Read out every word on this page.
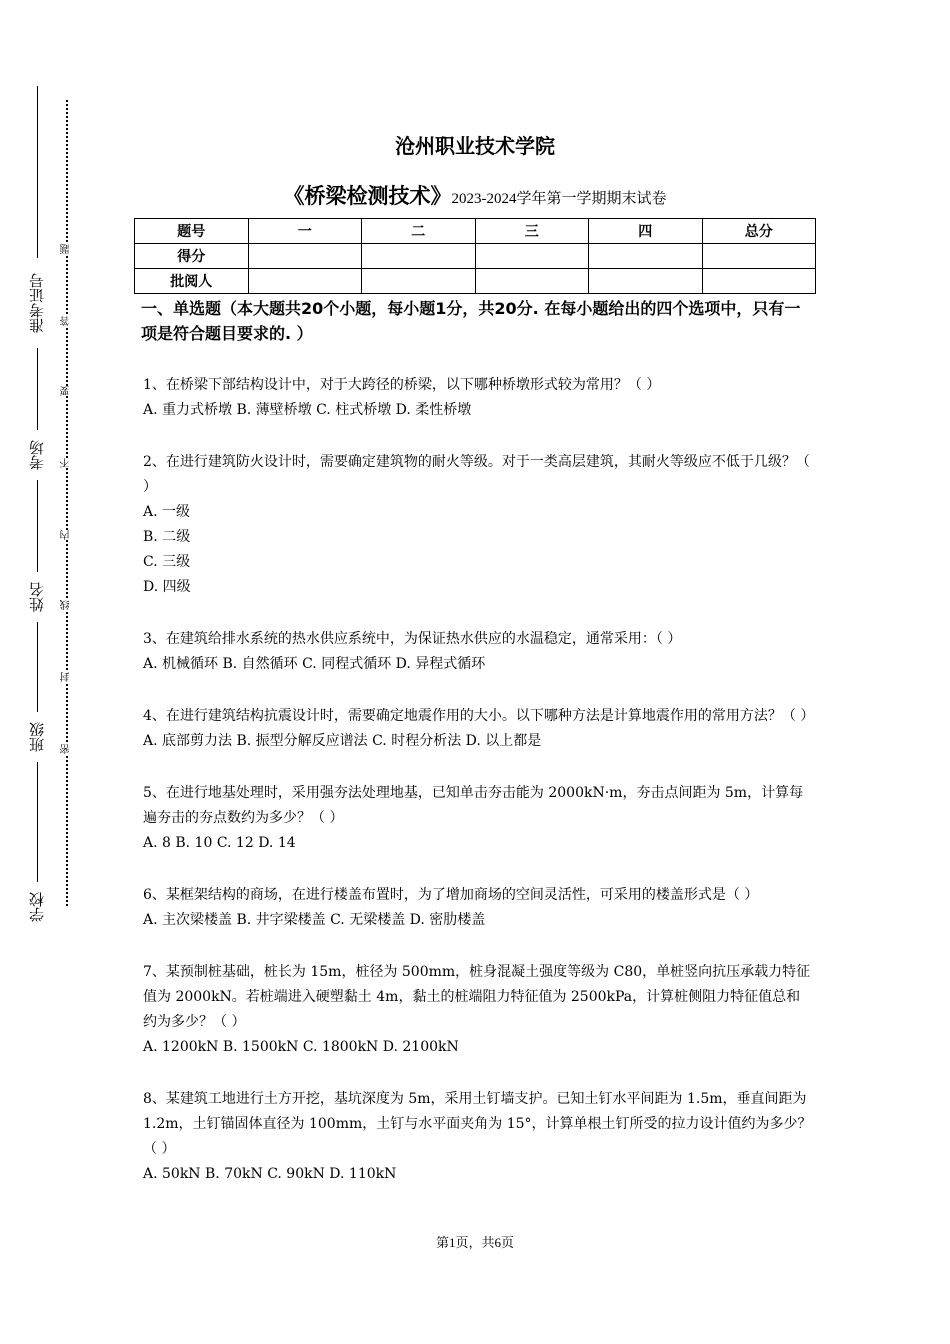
准考证号
考场
姓名
班级
学校
题
答
要
不
内
线
封
密
沧州职业技术学院
《桥梁检测技术》2023-2024学年第一学期期末试卷
题号	一	二	三	四	总分
得分					
批阅人					
一、单选题（本大题共20个小题，每小题1分，共20分. 在每小题给出的四个选项中，只有一项是符合题目要求的. ）
1、在桥梁下部结构设计中，对于大跨径的桥梁，以下哪种桥墩形式较为常用？（ ）
A. 重力式桥墩 B. 薄壁桥墩 C. 柱式桥墩 D. 柔性桥墩
2、在进行建筑防火设计时，需要确定建筑物的耐火等级。对于一类高层建筑，其耐火等级应不低于几级？（ ）
A. 一级
B. 二级
C. 三级
D. 四级
3、在建筑给排水系统的热水供应系统中，为保证热水供应的水温稳定，通常采用：（ ）
A. 机械循环 B. 自然循环 C. 同程式循环 D. 异程式循环
4、在进行建筑结构抗震设计时，需要确定地震作用的大小。以下哪种方法是计算地震作用的常用方法？（ ）
A. 底部剪力法 B. 振型分解反应谱法 C. 时程分析法 D. 以上都是
5、在进行地基处理时，采用强夯法处理地基，已知单击夯击能为 2000kN·m，夯击点间距为 5m，计算每遍夯击的夯点数约为多少？（ ）
A. 8 B. 10 C. 12 D. 14
6、某框架结构的商场，在进行楼盖布置时，为了增加商场的空间灵活性，可采用的楼盖形式是（ ）
A. 主次梁楼盖 B. 井字梁楼盖 C. 无梁楼盖 D. 密肋楼盖
7、某预制桩基础，桩长为 15m，桩径为 500mm，桩身混凝土强度等级为 C80，单桩竖向抗压承载力特征值为 2000kN。若桩端进入硬塑黏土 4m，黏土的桩端阻力特征值为 2500kPa，计算桩侧阻力特征值总和约为多少？（ ）
A. 1200kN B. 1500kN C. 1800kN D. 2100kN
8、某建筑工地进行土方开挖，基坑深度为 5m，采用土钉墙支护。已知土钉水平间距为 1.5m，垂直间距为 1.2m，土钉锚固体直径为 100mm，土钉与水平面夹角为 15°，计算单根土钉所受的拉力设计值约为多少？（ ）
A. 50kN B. 70kN C. 90kN D. 110kN
第1页，共6页
